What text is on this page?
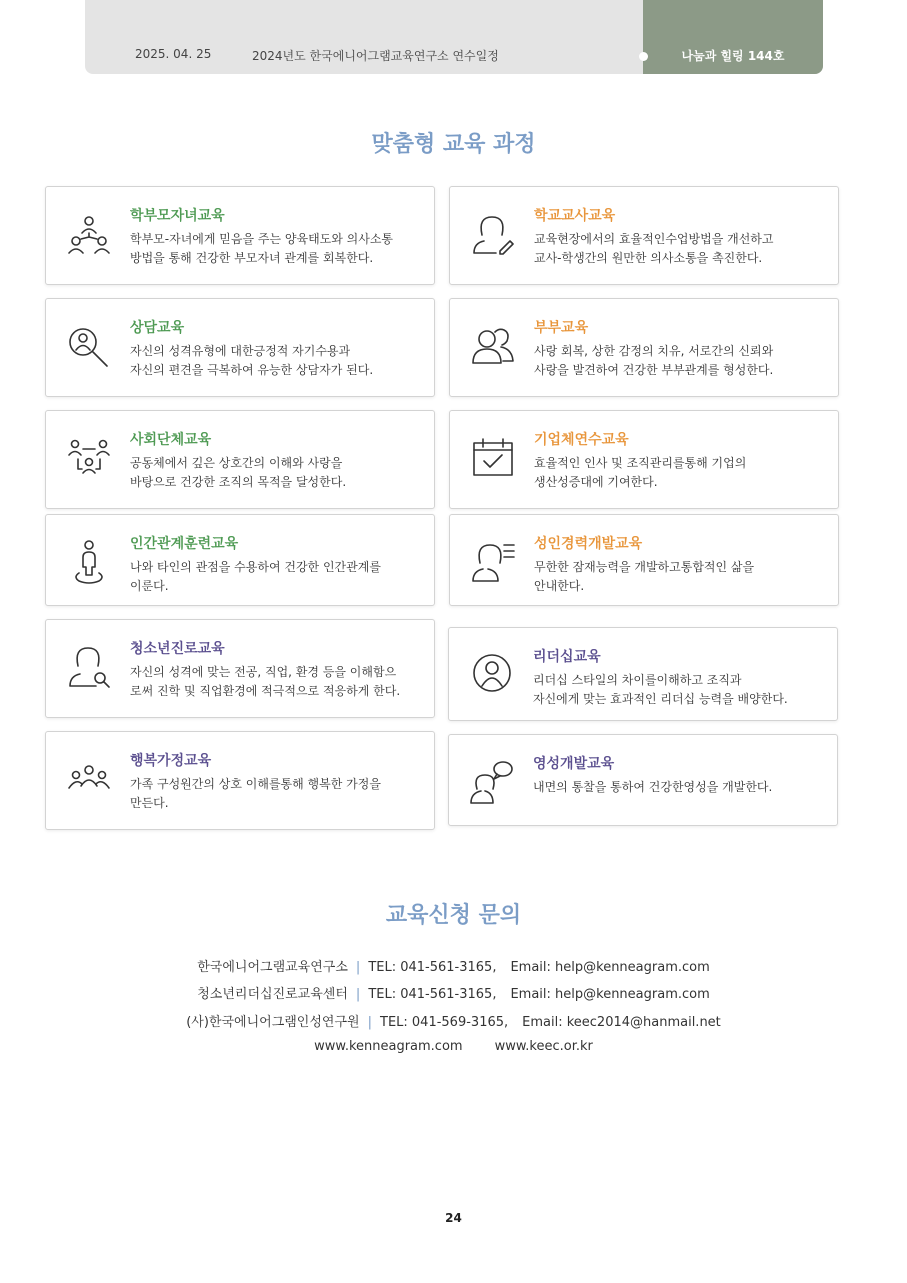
2025. 04. 25	2024년도 한국에니어그램교육연구소 연수일정	나눔과 힐링 144호
맞춤형 교육 과정
학부모자녀교육
학부모-자녀에게 믿음을 주는 양육태도와 의사소통
방법을 통해 건강한 부모자녀 관계를 회복한다.
상담교육
자신의 성격유형에 대한긍정적 자기수용과
자신의 편견을 극복하여 유능한 상담자가 된다.
사회단체교육
공동체에서 깊은 상호간의 이해와 사랑을
바탕으로 건강한 조직의 목적을 달성한다.
인간관계훈련교육
나와 타인의 관점을 수용하여 건강한 인간관계를
이룬다.
청소년진로교육
자신의 성격에 맞는 전공, 직업, 환경 등을 이해함으
로써 진학 및 직업환경에 적극적으로 적응하게 한다.
행복가정교육
가족 구성원간의 상호 이해를통해 행복한 가정을
만든다.
학교교사교육
교육현장에서의 효율적인수업방법을 개선하고
교사-학생간의 원만한 의사소통을 촉진한다.
부부교육
사랑 회복, 상한 감정의 치유, 서로간의 신뢰와
사랑을 발견하여 건강한 부부관계를 형성한다.
기업체연수교육
효율적인 인사 및 조직관리를통해 기업의
생산성증대에 기여한다.
성인경력개발교육
무한한 잠재능력을 개발하고통합적인 삶을
안내한다.
리더십교육
리더십 스타일의 차이를이해하고 조직과
자신에게 맞는 효과적인 리더십 능력을 배양한다.
영성개발교육
내면의 통찰을 통하여 건강한영성을 개발한다.
교육신청 문의
한국에니어그램교육연구소 | TEL: 041-561-3165, Email: help@kenneagram.com
청소년리더십진로교육센터 | TEL: 041-561-3165, Email: help@kenneagram.com
(사)한국에니어그램인성연구원 | TEL: 041-569-3165, Email: keec2014@hanmail.net
www.kenneagram.com www.keec.or.kr
24
